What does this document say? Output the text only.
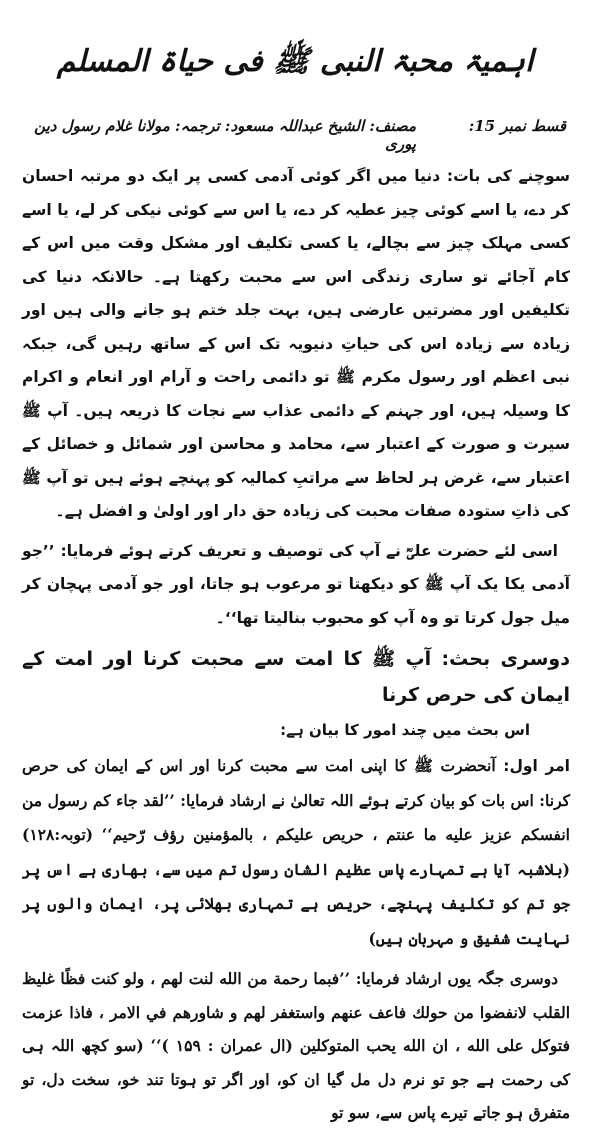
اہمیۃ محبۃ النبی ﷺ فی حیاۃ المسلم
قسط نمبر 15:
مصنف: الشیخ عبداللہ مسعود: ترجمہ: مولانا غلام رسول دین پوری

سوچنے کی بات: دنیا میں اگر کوئی آدمی کسی پر ایک دو مرتبہ احسان کر دے، یا اسے کوئی چیز عطیہ کر دے، یا اس سے کوئی نیکی کر لے، یا اسے کسی مہلک چیز سے بچالے، یا کسی تکلیف اور مشکل وقت میں اس کے کام آجائے تو ساری زندگی اس سے محبت رکھتا ہے۔ حالانکہ دنیا کی تکلیفیں اور مضرتیں عارضی ہیں، بہت جلد ختم ہو جانے والی ہیں اور زیادہ سے زیادہ اس کی حیاتِ دنیویہ تک اس کے ساتھ رہیں گی، جبکہ نبی اعظم اور رسول مکرم ﷺ تو دائمی راحت و آرام اور انعام و اکرام کا وسیلہ ہیں، اور جہنم کے دائمی عذاب سے نجات کا ذریعہ ہیں۔ آپ ﷺ سیرت و صورت کے اعتبار سے، محامد و محاسن اور شمائل و خصائل کے اعتبار سے، غرض ہر لحاظ سے مراتبِ کمالیہ کو پہنچے ہوئے ہیں تو آپ ﷺ کی ذاتِ ستودہ صفات محبت کی زیادہ حق دار اور اولیٰ و افضل ہے۔

اسی لئے حضرت علیؓ نے آپ کی توصیف و تعریف کرتے ہوئے فرمایا: ’’جو آدمی یکا یک آپ ﷺ کو دیکھتا تو مرعوب ہو جاتا، اور جو آدمی پہچان کر میل جول کرتا تو وہ آپ کو محبوب بنالیتا تھا‘‘۔

دوسری بحث: آپ ﷺ کا امت سے محبت کرنا اور امت کے ایمان کی حرص کرنا
اس بحث میں چند امور کا بیان ہے:

امر اول: آنحضرت ﷺ کا اپنی امت سے محبت کرنا اور اس کے ایمان کی حرص کرنا: اس بات کو بیان کرتے ہوئے اللہ تعالیٰ نے ارشاد فرمایا: ’’لقد جاء کم رسول من انفسکم عزیز علیه ما عنتم ، حریص علیکم ، بالمؤمنین رؤف رّحیم‘‘ (توبہ:۱۲۸) (بلاشبہ آیا ہے تمہارے پاس عظیم الشان رسول تم میں سے، بھاری ہے اس پر جو تم کو تکلیف پہنچے، حریص ہے تمہاری بھلائی پر، ایمان والوں پر نہایت شفیق و مہربان ہیں)

دوسری جگہ یوں ارشاد فرمایا: ’’فبما رحمة من الله لنت لهم ، ولو كنت فظًا غليظ القلب لانفضوا من حولك فاعف عنهم واستغفر لهم و شاورهم في الامر ، فاذا عزمت فتوكل على الله ، ان الله يحب المتوكلين (ال عمران : ۱۵۹ )‘‘ (سو کچھ اللہ ہی کی رحمت ہے جو تو نرم دل مل گیا ان کو، اور اگر تو ہوتا تند خو، سخت دل، تو متفرق ہو جاتے تیرے پاس سے، سو تو
